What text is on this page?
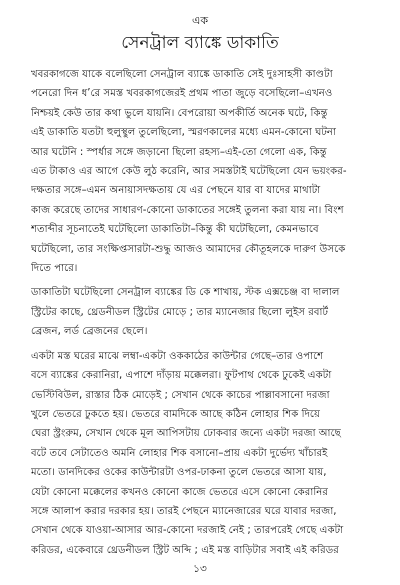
এক
সেনট্রাল ব্যাঙ্কে ডাকাতি

খবরকাগজে যাকে বলেছিলো সেনট্রাল ব্যাঙ্কে ডাকাতি সেই দুঃসাহসী কাণ্ডটা
পনেরো দিন ধ’রে সমস্ত খবরকাগজেরই প্রথম পাতা জুড়ে বসেছিলো–এখনও
নিশ্চয়ই কেউ তার কথা ভুলে যায়নি। বেপরোয়া অপকীর্তি অনেক ঘটে, কিন্তু
এই ডাকাতি যতটা হুলুস্থুল তুলেছিলো, স্মরণকালের মধ্যে এমন-কোনো ঘটনা
আর ঘটেনি : স্পর্ধার সঙ্গে জড়ানো ছিলো রহস্য–এই-তো গেলো এক, কিন্তু
এত টাকাও এর আগে কেউ লুঠ করেনি, আর সমস্তটাই ঘটেছিলো যেন ভয়ংকর-
দক্ষতার সঙ্গে–এমন অনায়াসদক্ষতায় যে এর পেছনে যার বা যাদের মাথাটা
কাজ করেছে তাদের সাধারণ-কোনো ডাকাতের সঙ্গেই তুলনা করা যায় না। বিংশ
শতাব্দীর সূচনাতেই ঘটেছিলো ডাকাতিটা–কিন্তু কী ঘটেছিলো, কেমনভাবে
ঘটেছিলো, তার সংক্ষিপ্তসারটা-শুদ্ধু আজও আমাদের কৌতূহলকে দারুণ উসকে
দিতে পারে।

ডাকাতিটা ঘটেছিলো সেনট্রাল ব্যাঙ্কের ডি কে শাখায়, স্টক এক্সচেঞ্জ বা দালাল
স্ট্রিটের কাছে, থ্রেডনীডল স্ট্রিটের মোড়ে ; তার ম্যানেজার ছিলো লুইস রবার্ট
ব্রেজন, লর্ড ব্রেজনের ছেলে।

একটা মস্ত ঘরের মাঝে লম্বা-একটা ওককাঠের কাউন্টার গেছে–তার ওপাশে
বসে ব্যাঙ্কের কেরানিরা, এপাশে দাঁড়ায় মক্কেলরা। ফুটপাথ থেকে ঢুকেই একটা
ভেস্টিবিউল, রাস্তার ঠিক মোড়েই ; সেখান থেকে কাচের পাল্লাবসানো দরজা
খুলে ভেতরে ঢুকতে হয়। ভেতরে বামদিকে আছে কঠিন লোহার শিক দিয়ে
ঘেরা স্ট্রংরুম, সেখান থেকে মূল আপিসটায় ঢোকবার জন্যে একটা দরজা আছে
বটে তবে সেটাতেও অমনি লোহার শিক বসানো–প্রায় একটা দুর্ভেদ্য খাঁচারই
মতো। ডানদিকের ওকের কাউন্টারটা ওপর-ঢাকনা তুলে ভেতরে আসা যায়,
যেটা কোনো মক্কেলের কখনও কোনো কাজে ভেতরে এসে কোনো কেরানির
সঙ্গে আলাপ করার দরকার হয়। তারই পেছনে ম্যানেজারের ঘরে যাবার দরজা,
সেখান থেকে যাওয়া-আসার আর-কোনো দরজাই নেই ; তারপরেই গেছে একটা
করিডর, একেবারে থ্রেডনীডল স্ট্রিট অব্দি ; এই মস্ত বাড়িটার সবাই এই করিডর

১৩
